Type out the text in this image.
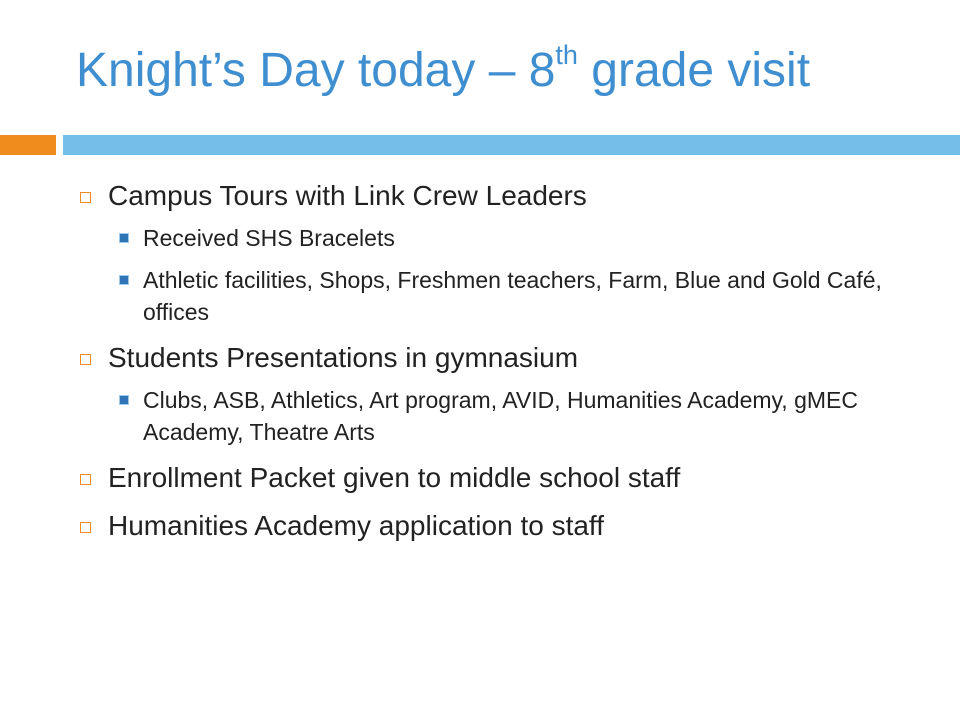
Knight’s Day today – 8th grade visit
Campus Tours with Link Crew Leaders
Received SHS Bracelets
Athletic facilities, Shops, Freshmen teachers, Farm, Blue and Gold Café, offices
Students Presentations in gymnasium
Clubs, ASB, Athletics, Art program, AVID, Humanities Academy, gMEC Academy, Theatre Arts
Enrollment Packet given to middle school staff
Humanities Academy application to staff
